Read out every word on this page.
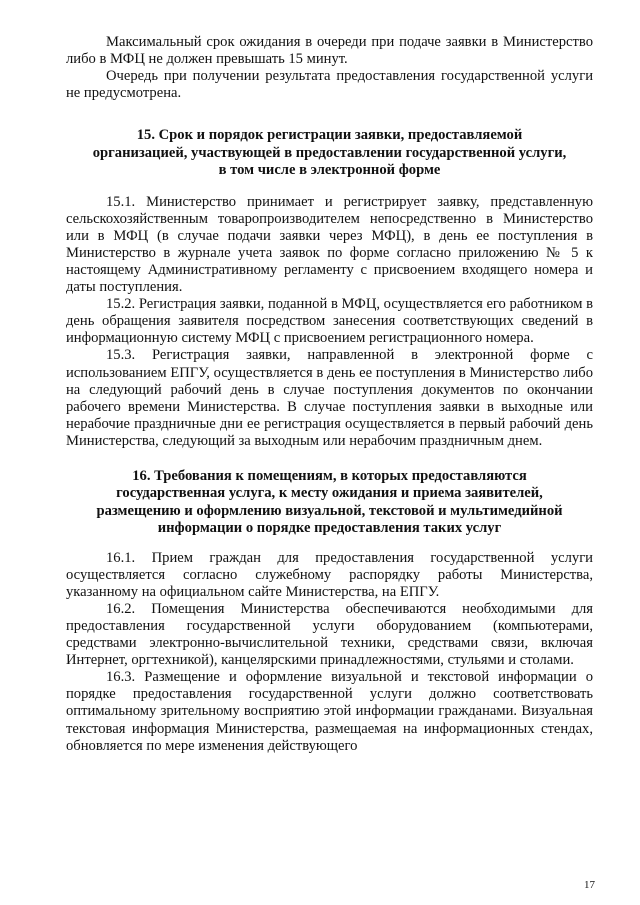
Максимальный срок ожидания в очереди при подаче заявки в Министерство либо в МФЦ не должен превышать 15 минут.

Очередь при получении результата предоставления государственной услуги не предусмотрена.

15. Срок и порядок регистрации заявки, предоставляемой
организацией, участвующей в предоставлении государственной услуги,
в том числе в электронной форме

15.1. Министерство принимает и регистрирует заявку, представленную сельскохозяйственным товаропроизводителем непосредственно в Министерство или в МФЦ (в случае подачи заявки через МФЦ), в день ее поступления в Министерство в журнале учета заявок по форме согласно приложению № 5 к настоящему Административному регламенту с присвоением входящего номера и даты поступления.

15.2. Регистрация заявки, поданной в МФЦ, осуществляется его работником в день обращения заявителя посредством занесения соответствующих сведений в информационную систему МФЦ с присвоением регистрационного номера.

15.3. Регистрация заявки, направленной в электронной форме с использованием ЕПГУ, осуществляется в день ее поступления в Министерство либо на следующий рабочий день в случае поступления документов по окончании рабочего времени Министерства. В случае поступления заявки в выходные или нерабочие праздничные дни ее регистрация осуществляется в первый рабочий день Министерства, следующий за выходным или нерабочим праздничным днем.

16. Требования к помещениям, в которых предоставляются
государственная услуга, к месту ожидания и приема заявителей,
размещению и оформлению визуальной, текстовой и мультимедийной
информации о порядке предоставления таких услуг

16.1. Прием граждан для предоставления государственной услуги осуществляется согласно служебному распорядку работы Министерства, указанному на официальном сайте Министерства, на ЕПГУ.

16.2. Помещения Министерства обеспечиваются необходимыми для предоставления государственной услуги оборудованием (компьютерами, средствами электронно-вычислительной техники, средствами связи, включая Интернет, оргтехникой), канцелярскими принадлежностями, стульями и столами.

16.3. Размещение и оформление визуальной и текстовой информации о порядке предоставления государственной услуги должно соответствовать оптимальному зрительному восприятию этой информации гражданами. Визуальная текстовая информация Министерства, размещаемая на информационных стендах, обновляется по мере изменения действующего

17
